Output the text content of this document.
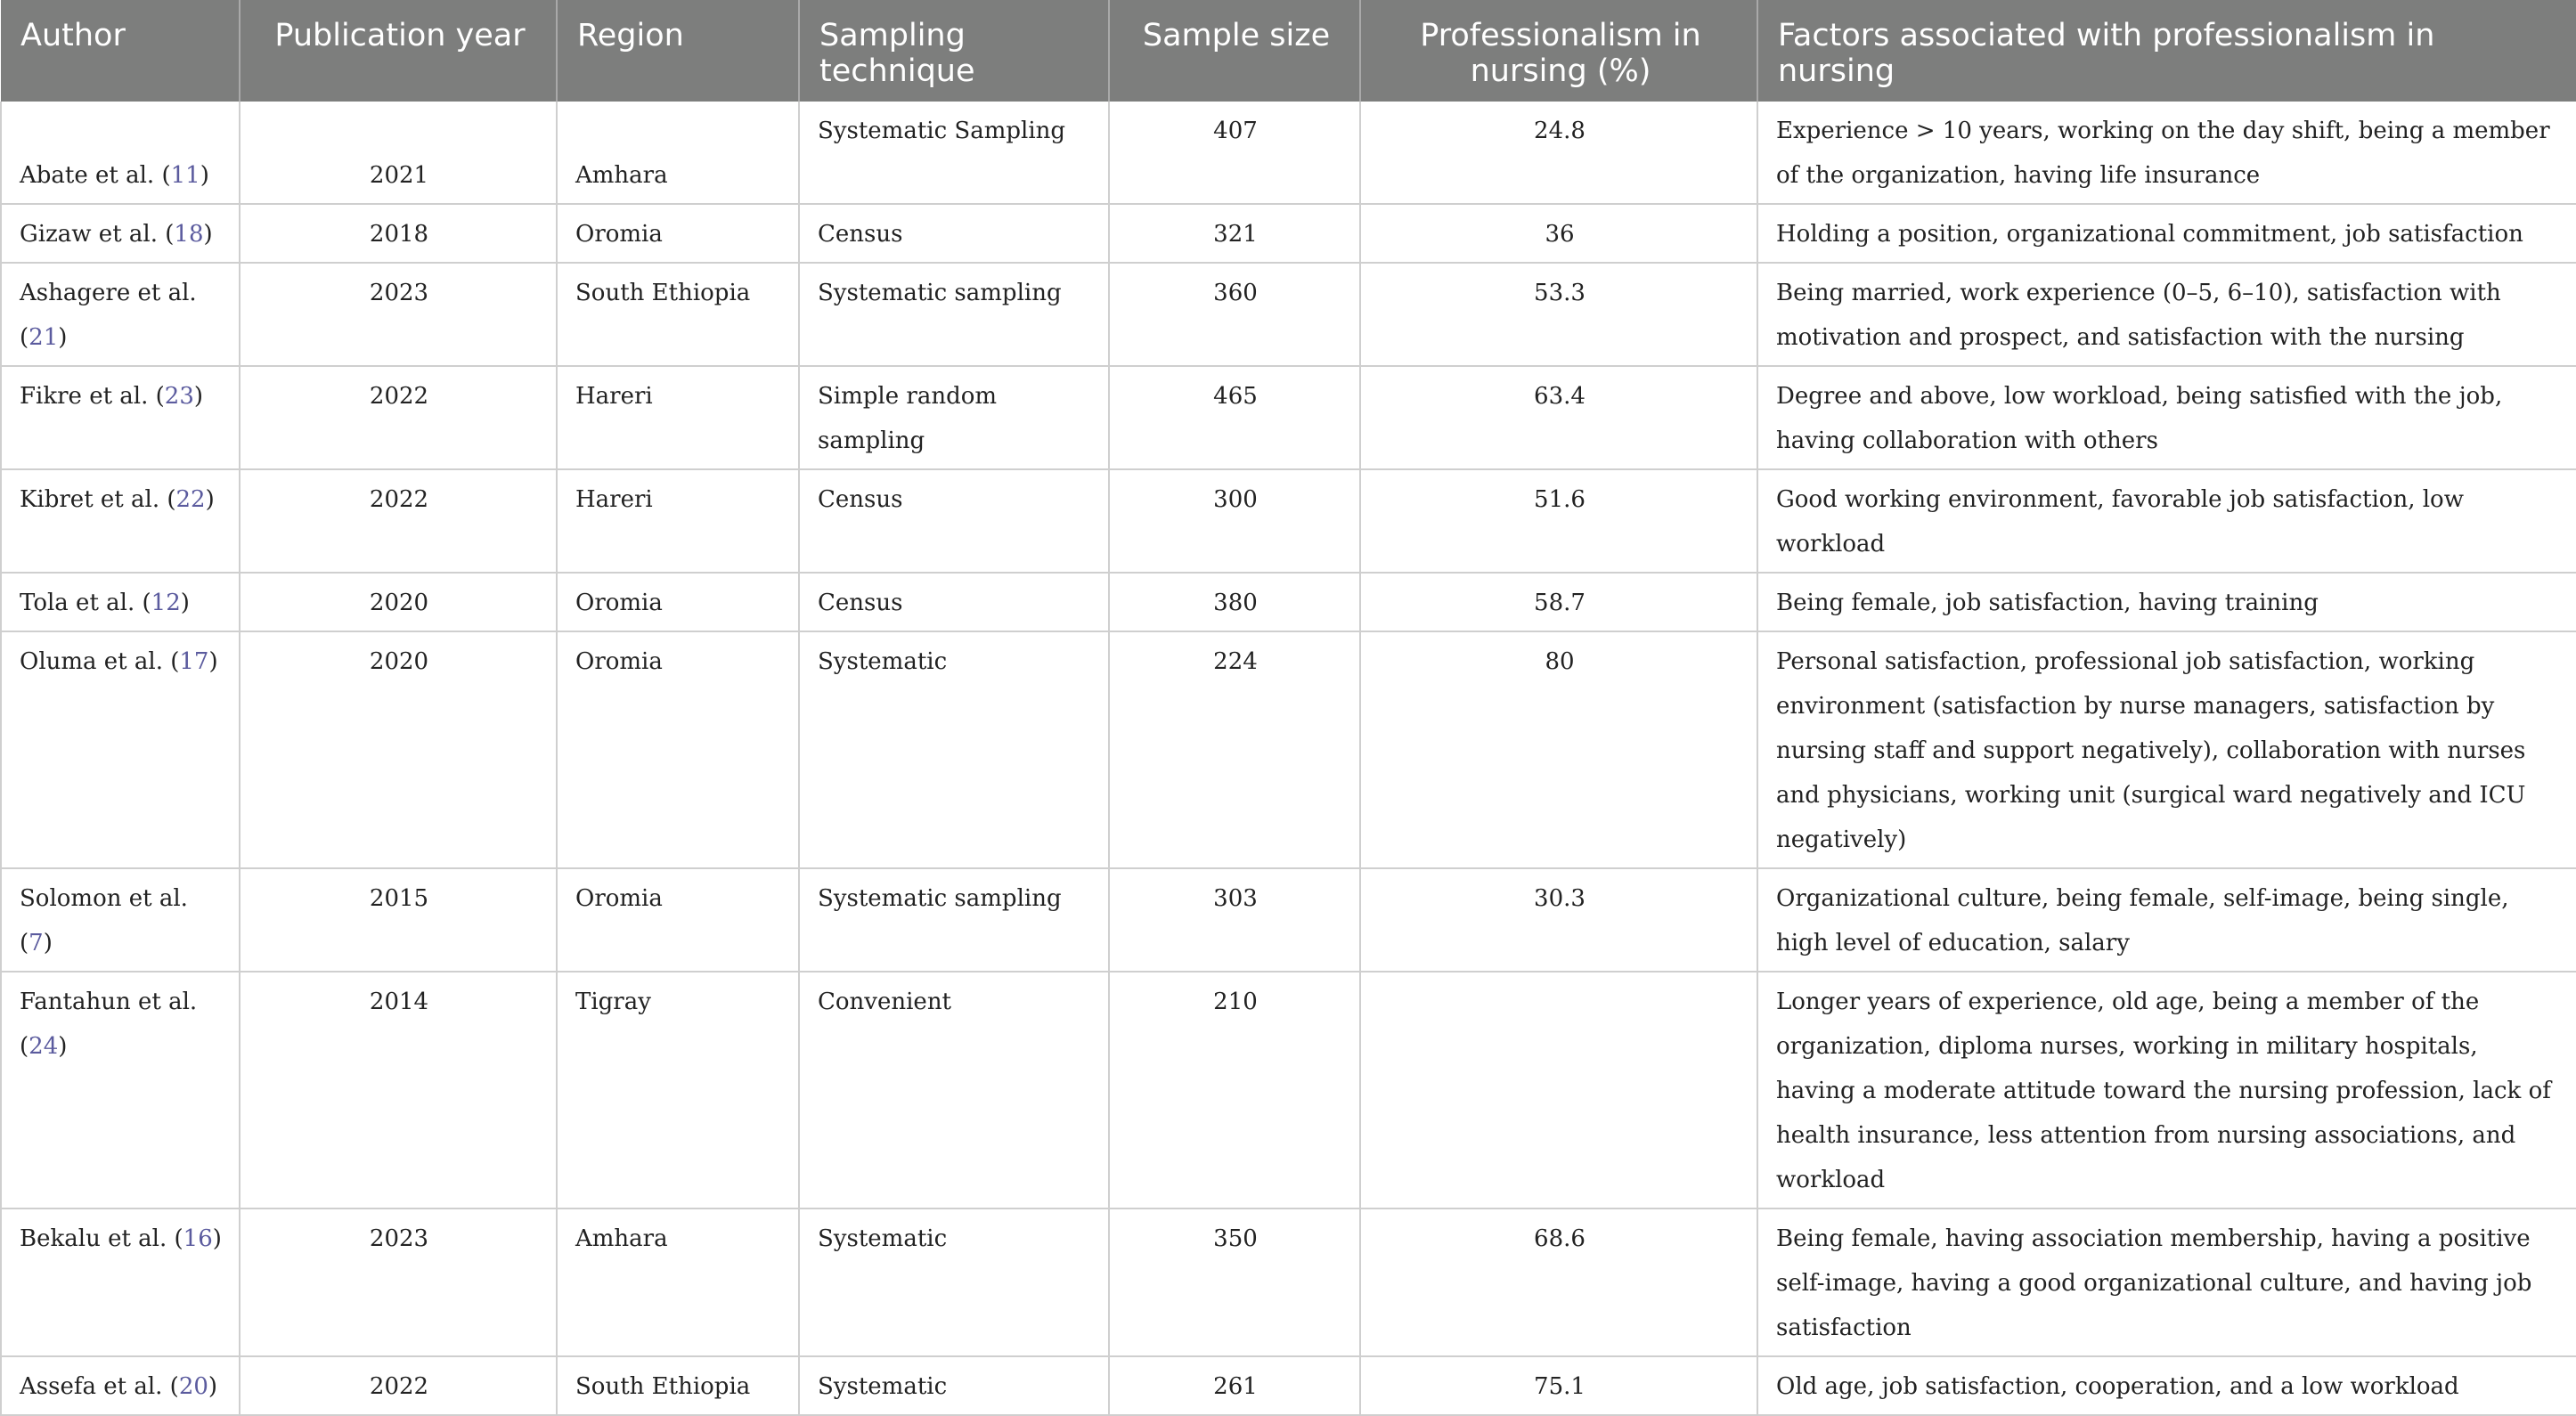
Author	Publication year	Region	Sampling technique	Sample size	Professionalism in nursing (%)	Factors associated with professionalism in nursing
Abate et al. (11)	2021	Amhara	Systematic Sampling	407	24.8	Experience > 10 years, working on the day shift, being a member of the organization, having life insurance
Gizaw et al. (18)	2018	Oromia	Census	321	36	Holding a position, organizational commitment, job satisfaction
Ashagere et al. (21)	2023	South Ethiopia	Systematic sampling	360	53.3	Being married, work experience (0–5, 6–10), satisfaction with motivation and prospect, and satisfaction with the nursing
Fikre et al. (23)	2022	Hareri	Simple random sampling	465	63.4	Degree and above, low workload, being satisfied with the job, having collaboration with others
Kibret et al. (22)	2022	Hareri	Census	300	51.6	Good working environment, favorable job satisfaction, low workload
Tola et al. (12)	2020	Oromia	Census	380	58.7	Being female, job satisfaction, having training
Oluma et al. (17)	2020	Oromia	Systematic	224	80	Personal satisfaction, professional job satisfaction, working environment (satisfaction by nurse managers, satisfaction by nursing staff and support negatively), collaboration with nurses and physicians, working unit (surgical ward negatively and ICU negatively)
Solomon et al. (7)	2015	Oromia	Systematic sampling	303	30.3	Organizational culture, being female, self-image, being single, high level of education, salary
Fantahun et al. (24)	2014	Tigray	Convenient	210		Longer years of experience, old age, being a member of the organization, diploma nurses, working in military hospitals, having a moderate attitude toward the nursing profession, lack of health insurance, less attention from nursing associations, and workload
Bekalu et al. (16)	2023	Amhara	Systematic	350	68.6	Being female, having association membership, having a positive self-image, having a good organizational culture, and having job satisfaction
Assefa et al. (20)	2022	South Ethiopia	Systematic	261	75.1	Old age, job satisfaction, cooperation, and a low workload
